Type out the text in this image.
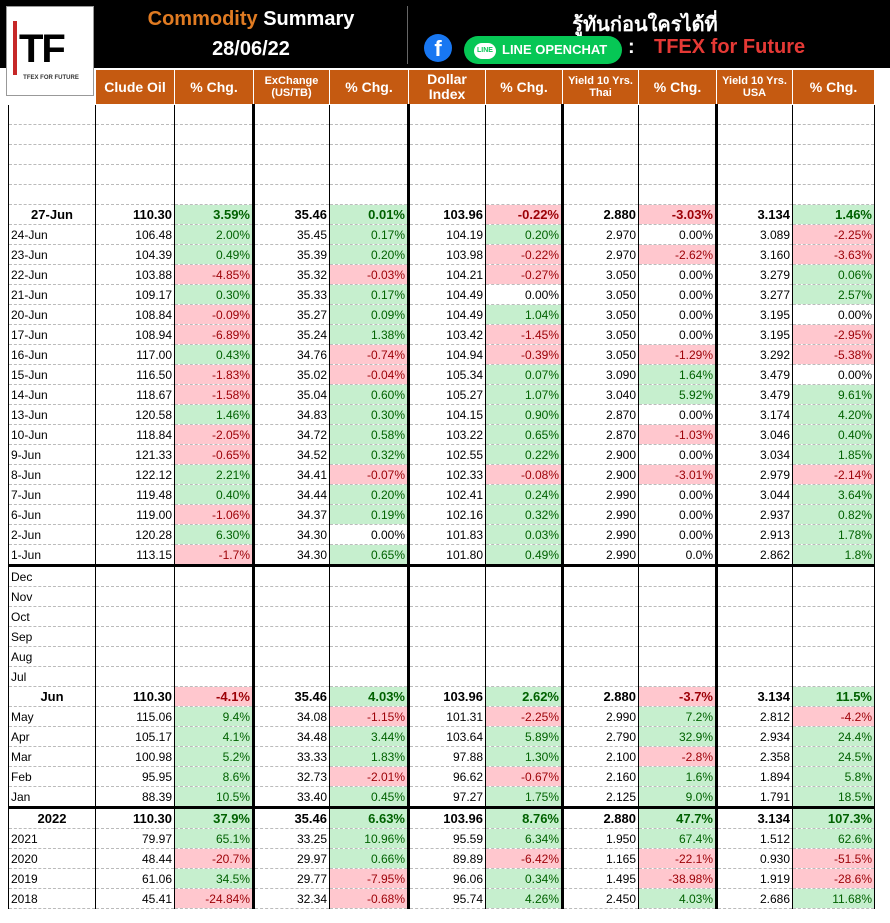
Commodity Summary
28/06/22
รู้ทันก่อนใครได้ที่
f	LINE LINE OPENCHAT	: TFEX for Future
TF
TFEX FOR FUTURE
	Clude Oil	% Chg.	ExChange (US/TB)	% Chg.	Dollar Index	% Chg.	Yield 10 Yrs. Thai	% Chg.	Yield 10 Yrs. USA	% Chg.

27-Jun	110.30	3.59%	35.46	0.01%	103.96	-0.22%	2.880	-3.03%	3.134	1.46%
24-Jun	106.48	2.00%	35.45	0.17%	104.19	0.20%	2.970	0.00%	3.089	-2.25%
23-Jun	104.39	0.49%	35.39	0.20%	103.98	-0.22%	2.970	-2.62%	3.160	-3.63%
22-Jun	103.88	-4.85%	35.32	-0.03%	104.21	-0.27%	3.050	0.00%	3.279	0.06%
21-Jun	109.17	0.30%	35.33	0.17%	104.49	0.00%	3.050	0.00%	3.277	2.57%
20-Jun	108.84	-0.09%	35.27	0.09%	104.49	1.04%	3.050	0.00%	3.195	0.00%
17-Jun	108.94	-6.89%	35.24	1.38%	103.42	-1.45%	3.050	0.00%	3.195	-2.95%
16-Jun	117.00	0.43%	34.76	-0.74%	104.94	-0.39%	3.050	-1.29%	3.292	-5.38%
15-Jun	116.50	-1.83%	35.02	-0.04%	105.34	0.07%	3.090	1.64%	3.479	0.00%
14-Jun	118.67	-1.58%	35.04	0.60%	105.27	1.07%	3.040	5.92%	3.479	9.61%
13-Jun	120.58	1.46%	34.83	0.30%	104.15	0.90%	2.870	0.00%	3.174	4.20%
10-Jun	118.84	-2.05%	34.72	0.58%	103.22	0.65%	2.870	-1.03%	3.046	0.40%
9-Jun	121.33	-0.65%	34.52	0.32%	102.55	0.22%	2.900	0.00%	3.034	1.85%
8-Jun	122.12	2.21%	34.41	-0.07%	102.33	-0.08%	2.900	-3.01%	2.979	-2.14%
7-Jun	119.48	0.40%	34.44	0.20%	102.41	0.24%	2.990	0.00%	3.044	3.64%
6-Jun	119.00	-1.06%	34.37	0.19%	102.16	0.32%	2.990	0.00%	2.937	0.82%
2-Jun	120.28	6.30%	34.30	0.00%	101.83	0.03%	2.990	0.00%	2.913	1.78%
1-Jun	113.15	-1.7%	34.30	0.65%	101.80	0.49%	2.990	0.0%	2.862	1.8%
Dec										
Nov										
Oct										
Sep										
Aug										
Jul										
Jun	110.30	-4.1%	35.46	4.03%	103.96	2.62%	2.880	-3.7%	3.134	11.5%
May	115.06	9.4%	34.08	-1.15%	101.31	-2.25%	2.990	7.2%	2.812	-4.2%
Apr	105.17	4.1%	34.48	3.44%	103.64	5.89%	2.790	32.9%	2.934	24.4%
Mar	100.98	5.2%	33.33	1.83%	97.88	1.30%	2.100	-2.8%	2.358	24.5%
Feb	95.95	8.6%	32.73	-2.01%	96.62	-0.67%	2.160	1.6%	1.894	5.8%
Jan	88.39	10.5%	33.40	0.45%	97.27	1.75%	2.125	9.0%	1.791	18.5%
2022	110.30	37.9%	35.46	6.63%	103.96	8.76%	2.880	47.7%	3.134	107.3%
2021	79.97	65.1%	33.25	10.96%	95.59	6.34%	1.950	67.4%	1.512	62.6%
2020	48.44	-20.7%	29.97	0.66%	89.89	-6.42%	1.165	-22.1%	0.930	-51.5%
2019	61.06	34.5%	29.77	-7.95%	96.06	0.34%	1.495	-38.98%	1.919	-28.6%
2018	45.41	-24.84%	32.34	-0.68%	95.74	4.26%	2.450	4.03%	2.686	11.68%
